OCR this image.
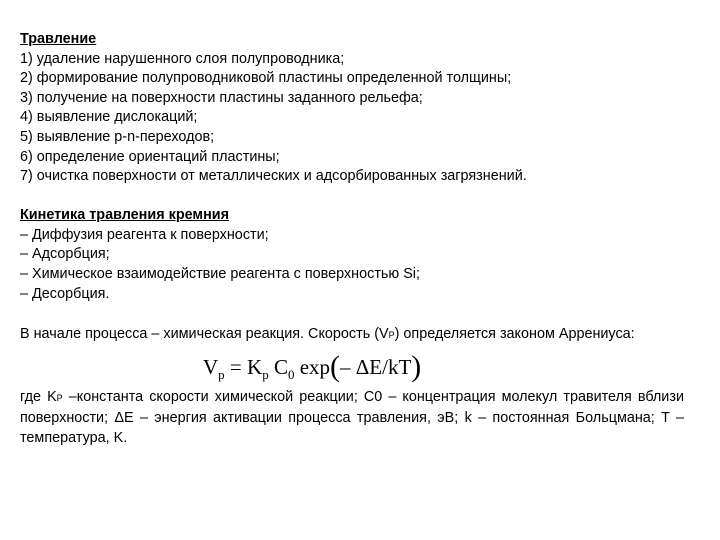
Травление
1) удаление нарушенного слоя полупроводника;
2) формирование полупроводниковой пластины определенной толщины;
3) получение на поверхности пластины заданного рельефа;
4) выявление дислокаций;
5) выявление p-n-переходов;
6) определение ориентаций пластины;
7) очистка поверхности от металлических и адсорбированных загрязнений.
Кинетика травления кремния
– Диффузия реагента к поверхности;
– Адсорбция;
– Химическое взаимодействие реагента с поверхностью Si;
– Десорбция.
В начале процесса – химическая реакция. Скорость (VP) определяется законом Аррениуса:
$V_p = K_p$ $C_0$ exp(– ΔE/kT)
где KP –константа скорости химической реакции; C0 – концентрация молекул травителя вблизи поверхности; ΔE – энергия активации процесса травления, эВ; k – постоянная Больцмана; T – температура, K.
